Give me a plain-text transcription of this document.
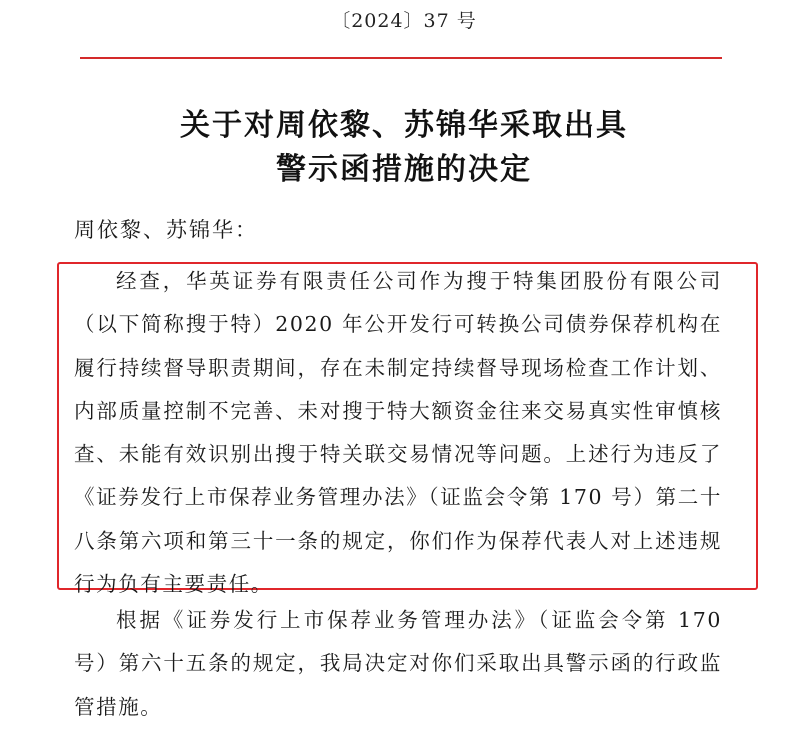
〔2024〕37 号
关于对周依黎、苏锦华采取出具
警示函措施的决定
周依黎、苏锦华：

经查，华英证券有限责任公司作为搜于特集团股份有限公司（以下简称搜于特）2020 年公开发行可转换公司债券保荐机构在履行持续督导职责期间，存在未制定持续督导现场检查工作计划、内部质量控制不完善、未对搜于特大额资金往来交易真实性审慎核查、未能有效识别出搜于特关联交易情况等问题。上述行为违反了《证券发行上市保荐业务管理办法》（证监会令第 170 号）第二十八条第六项和第三十一条的规定，你们作为保荐代表人对上述违规行为负有主要责任。

根据《证券发行上市保荐业务管理办法》（证监会令第 170 号）第六十五条的规定，我局决定对你们采取出具警示函的行政监管措施。
